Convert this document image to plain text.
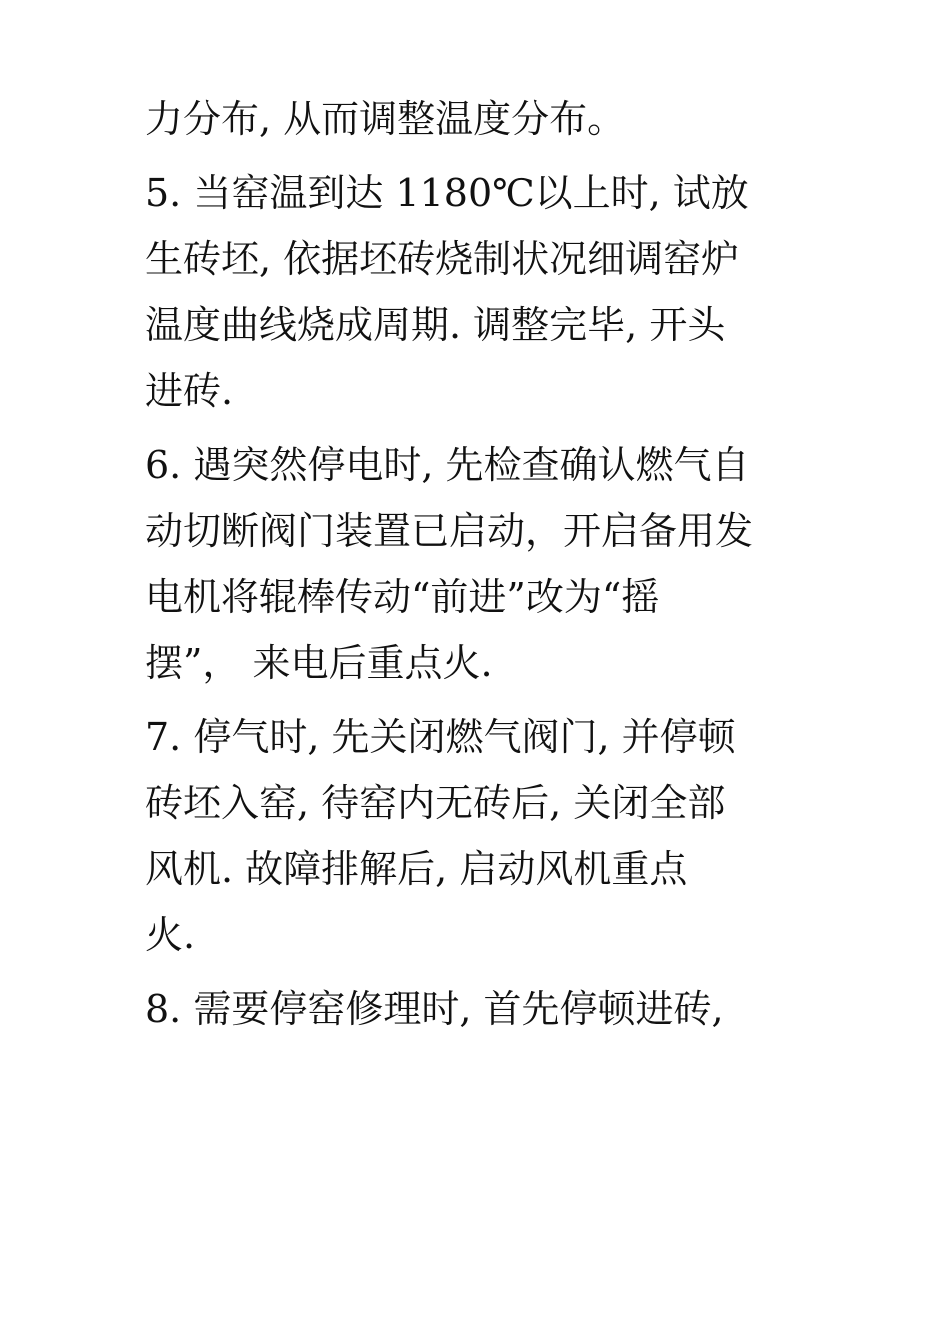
力分布, 从而调整温度分布。
5. 当窑温到达 1180℃以上时, 试放
生砖坯, 依据坯砖烧制状况细调窑炉
温度曲线烧成周期. 调整完毕, 开头
进砖.
6. 遇突然停电时, 先检查确认燃气自
动切断阀门装置已启动，开启备用发
电机将辊棒传动“前进”改为“摇
摆”， 来电后重点火.
7. 停气时, 先关闭燃气阀门, 并停顿
砖坯入窑, 待窑内无砖后, 关闭全部
风机. 故障排解后, 启动风机重点
火.
8. 需要停窑修理时, 首先停顿进砖,
